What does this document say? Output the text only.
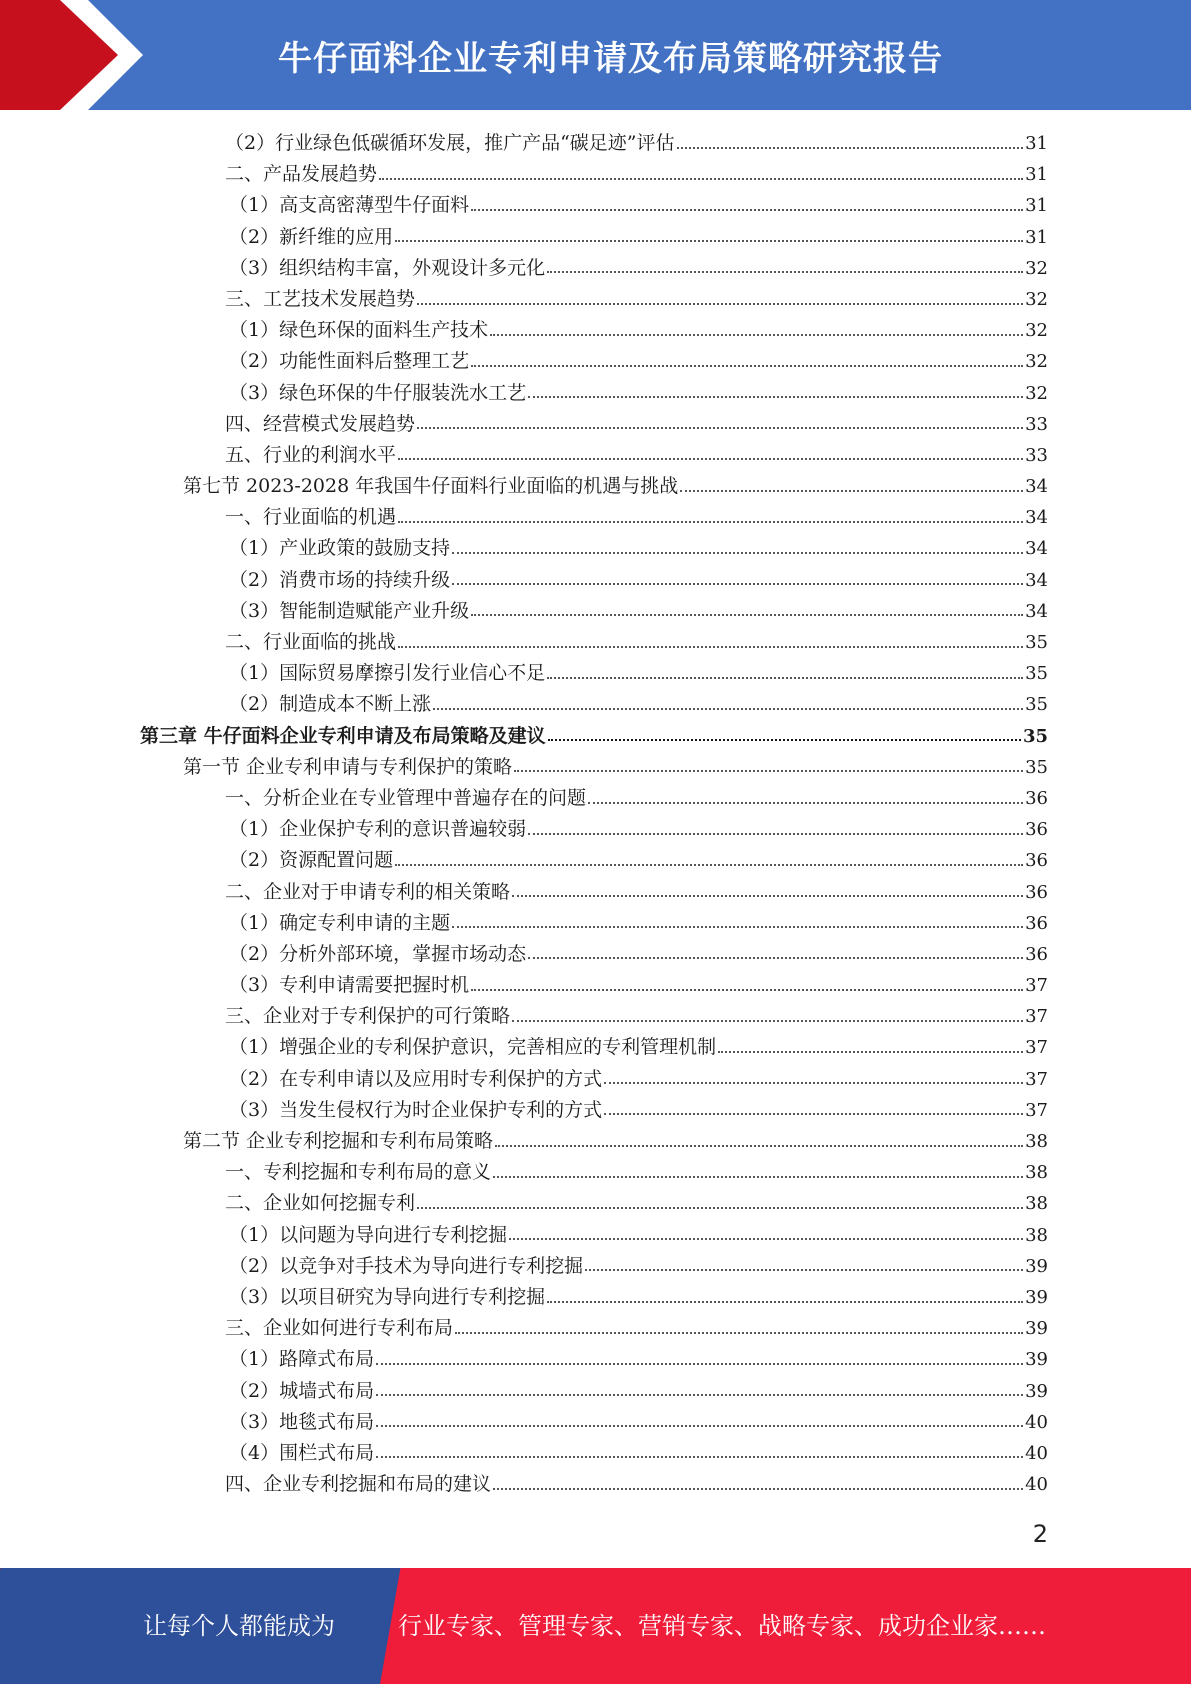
牛仔面料企业专利申请及布局策略研究报告
（2）行业绿色低碳循环发展，推广产品“碳足迹”评估	31
二、产品发展趋势	31
（1）高支高密薄型牛仔面料	31
（2）新纤维的应用	31
（3）组织结构丰富，外观设计多元化	32
三、工艺技术发展趋势	32
（1）绿色环保的面料生产技术	32
（2）功能性面料后整理工艺	32
（3）绿色环保的牛仔服装洗水工艺	32
四、经营模式发展趋势	33
五、行业的利润水平	33
第七节 2023-2028 年我国牛仔面料行业面临的机遇与挑战	34
一、行业面临的机遇	34
（1）产业政策的鼓励支持	34
（2）消费市场的持续升级	34
（3）智能制造赋能产业升级	34
二、行业面临的挑战	35
（1）国际贸易摩擦引发行业信心不足	35
（2）制造成本不断上涨	35
第三章 牛仔面料企业专利申请及布局策略及建议	35
第一节 企业专利申请与专利保护的策略	35
一、分析企业在专业管理中普遍存在的问题	36
（1）企业保护专利的意识普遍较弱	36
（2）资源配置问题	36
二、企业对于申请专利的相关策略	36
（1）确定专利申请的主题	36
（2）分析外部环境，掌握市场动态	36
（3）专利申请需要把握时机	37
三、企业对于专利保护的可行策略	37
（1）增强企业的专利保护意识，完善相应的专利管理机制	37
（2）在专利申请以及应用时专利保护的方式	37
（3）当发生侵权行为时企业保护专利的方式	37
第二节 企业专利挖掘和专利布局策略	38
一、专利挖掘和专利布局的意义	38
二、企业如何挖掘专利	38
（1）以问题为导向进行专利挖掘	38
（2）以竞争对手技术为导向进行专利挖掘	39
（3）以项目研究为导向进行专利挖掘	39
三、企业如何进行专利布局	39
（1）路障式布局	39
（2）城墙式布局	39
（3）地毯式布局	40
（4）围栏式布局	40
四、企业专利挖掘和布局的建议	40
2
让每个人都能成为	行业专家、管理专家、营销专家、战略专家、成功企业家……
